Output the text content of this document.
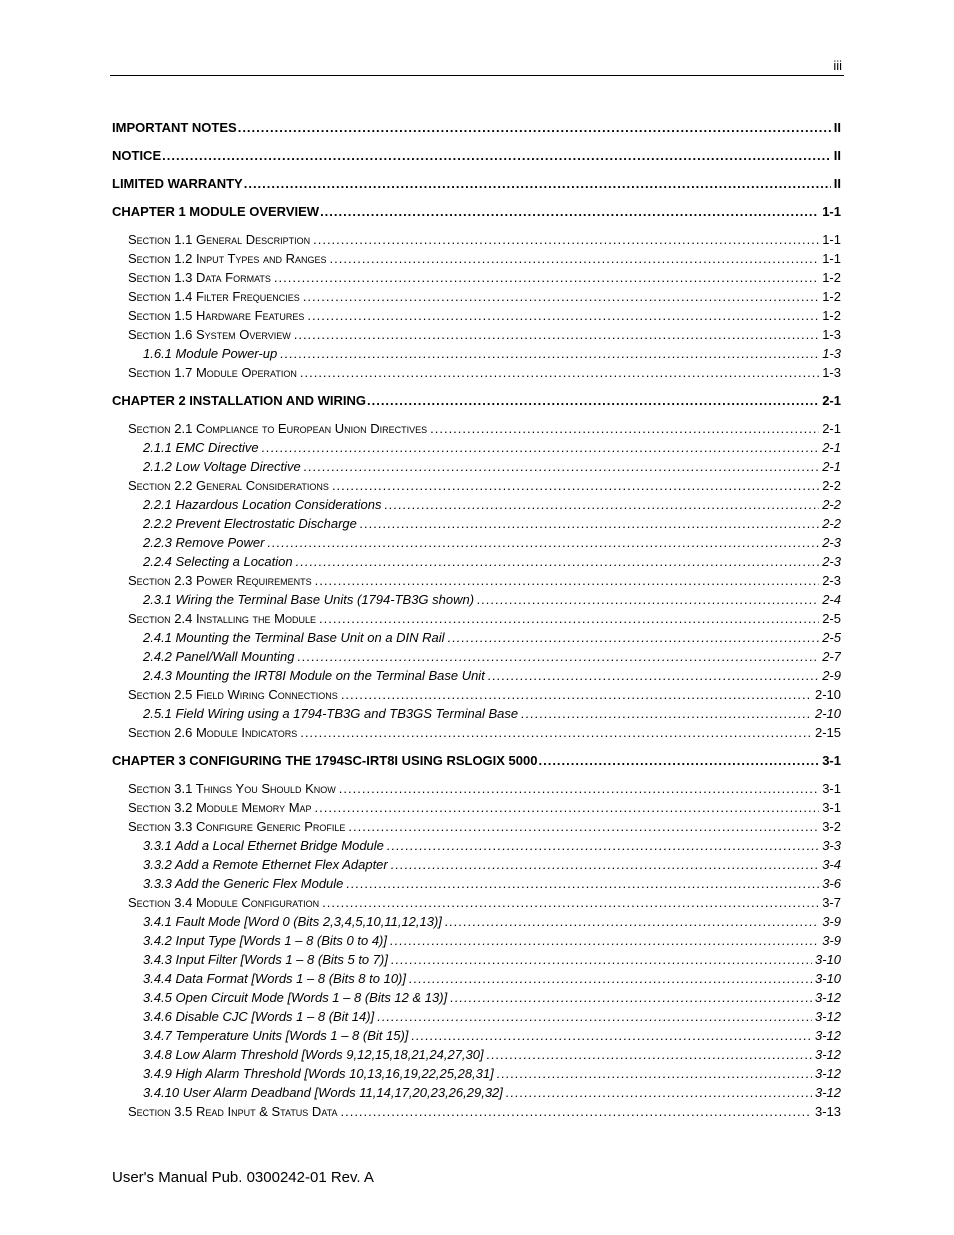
iii
IMPORTANT NOTES .....	II
NOTICE .....	II
LIMITED WARRANTY .....	II
CHAPTER 1 MODULE OVERVIEW .....	1-1
Section 1.1 General Description .....	1-1
Section 1.2 Input Types and Ranges .....	1-1
Section 1.3 Data Formats .....	1-2
Section 1.4 Filter Frequencies .....	1-2
Section 1.5 Hardware Features .....	1-2
Section 1.6 System Overview .....	1-3
1.6.1 Module Power-up .....	1-3
Section 1.7 Module Operation .....	1-3
CHAPTER 2 INSTALLATION AND WIRING .....	2-1
Section 2.1 Compliance to European Union Directives .....	2-1
2.1.1 EMC Directive .....	2-1
2.1.2 Low Voltage Directive .....	2-1
Section 2.2 General Considerations .....	2-2
2.2.1 Hazardous Location Considerations .....	2-2
2.2.2 Prevent Electrostatic Discharge .....	2-2
2.2.3 Remove Power .....	2-3
2.2.4 Selecting a Location .....	2-3
Section 2.3 Power Requirements .....	2-3
2.3.1 Wiring the Terminal Base Units (1794-TB3G shown) .....	2-4
Section 2.4 Installing the Module .....	2-5
2.4.1 Mounting the Terminal Base Unit on a DIN Rail .....	2-5
2.4.2 Panel/Wall Mounting .....	2-7
2.4.3 Mounting the IRT8I Module on the Terminal Base Unit .....	2-9
Section 2.5 Field Wiring Connections .....	2-10
2.5.1 Field Wiring using a 1794-TB3G and TB3GS Terminal Base .....	2-10
Section 2.6 Module Indicators .....	2-15
CHAPTER 3 CONFIGURING THE 1794SC-IRT8I USING RSLOGIX 5000 .....	3-1
Section 3.1 Things You Should Know .....	3-1
Section 3.2 Module Memory Map .....	3-1
Section 3.3 Configure Generic Profile .....	3-2
3.3.1 Add a Local Ethernet Bridge Module .....	3-3
3.3.2 Add a Remote Ethernet Flex Adapter .....	3-4
3.3.3 Add the Generic Flex Module .....	3-6
Section 3.4 Module Configuration .....	3-7
3.4.1 Fault Mode [Word 0 (Bits 2,3,4,5,10,11,12,13)] .....	3-9
3.4.2 Input Type [Words 1 – 8 (Bits 0 to 4)] .....	3-9
3.4.3 Input Filter [Words 1 – 8 (Bits 5 to 7)] .....	3-10
3.4.4 Data Format [Words 1 – 8 (Bits 8 to 10)] .....	3-10
3.4.5 Open Circuit Mode [Words 1 – 8 (Bits 12 & 13)] .....	3-12
3.4.6 Disable CJC [Words 1 – 8 (Bit 14)] .....	3-12
3.4.7 Temperature Units [Words 1 – 8 (Bit 15)] .....	3-12
3.4.8 Low Alarm Threshold [Words 9,12,15,18,21,24,27,30] .....	3-12
3.4.9 High Alarm Threshold [Words 10,13,16,19,22,25,28,31] .....	3-12
3.4.10 User Alarm Deadband [Words 11,14,17,20,23,26,29,32] .....	3-12
Section 3.5 Read Input & Status Data .....	3-13
User's Manual Pub. 0300242-01 Rev. A
